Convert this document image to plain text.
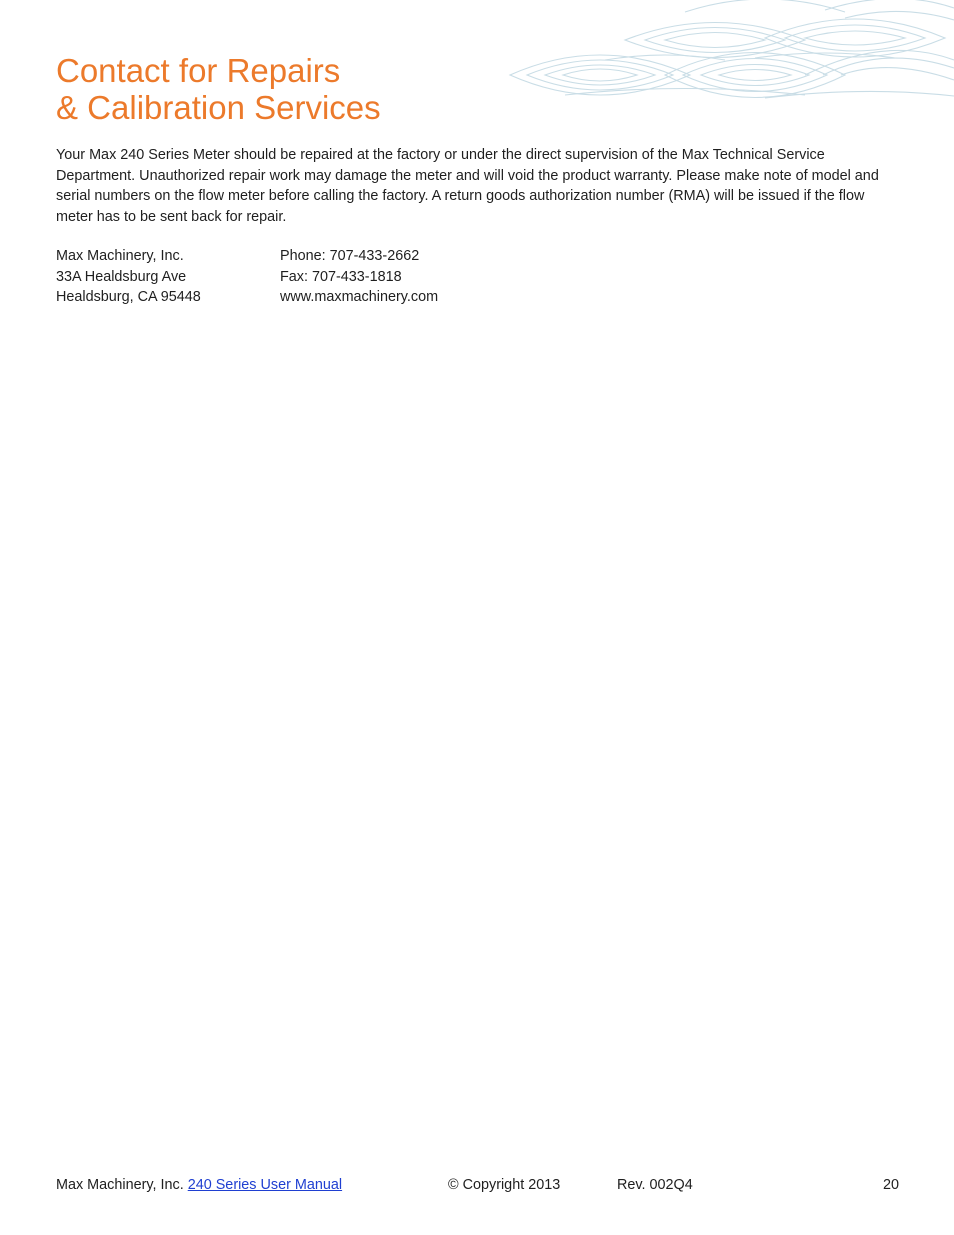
Contact for Repairs
& Calibration Services

Your Max 240 Series Meter should be repaired at the factory or under the direct supervision of the Max Technical Service Department. Unauthorized repair work may damage the meter and will void the product warranty. Please make note of model and serial numbers on the flow meter before calling the factory. A return goods authorization number (RMA) will be issued if the flow meter has to be sent back for repair.

Max Machinery, Inc.
33A Healdsburg Ave
Healdsburg, CA 95448
Phone: 707-433-2662
Fax: 707-433-1818
www.maxmachinery.com
Max Machinery, Inc. 240 Series User Manual	© Copyright 2013	Rev. 002Q4	20
